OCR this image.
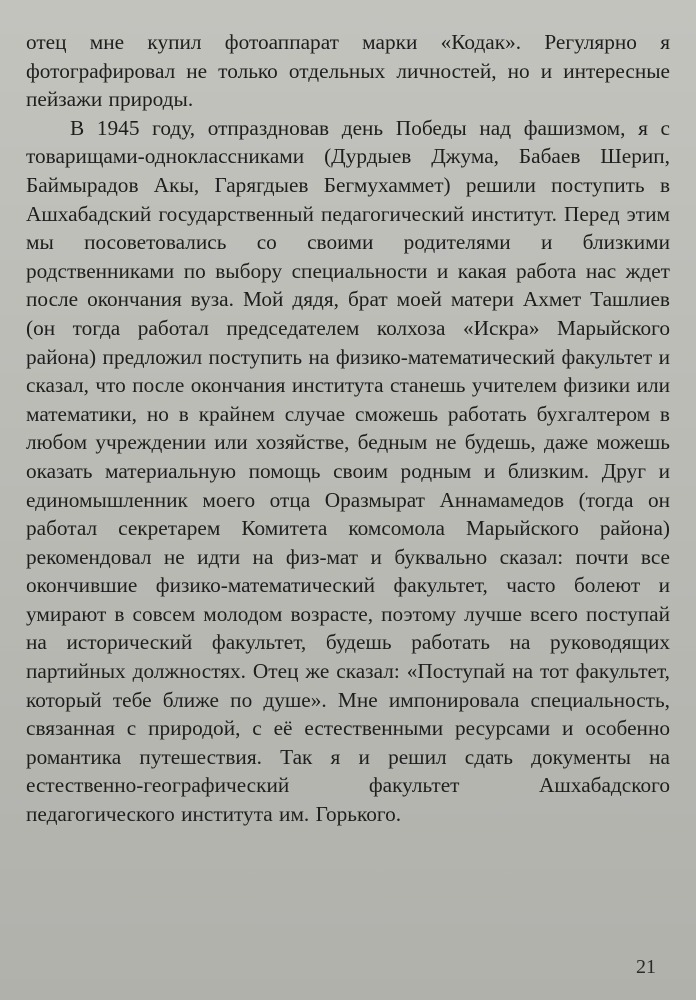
отец мне купил фотоаппарат марки «Кодак». Регулярно я фотографировал не только отдельных личностей, но и интересные пейзажи природы.

В 1945 году, отпраздновав день Победы над фашизмом, я с товарищами-одноклассниками (Дурдыев Джума, Бабаев Шерип, Баймырадов Акы, Гарягдыев Бегмухаммет) решили поступить в Ашхабадский государственный педагогический институт. Перед этим мы посоветовались со своими родителями и близкими родственниками по выбору специальности и какая работа нас ждет после окончания вуза. Мой дядя, брат моей матери Ахмет Ташлиев (он тогда работал председателем колхоза «Искра» Марыйского района) предложил поступить на физико-математический факультет и сказал, что после окончания института станешь учителем физики или математики, но в крайнем случае сможешь работать бухгалтером в любом учреждении или хозяйстве, бедным не будешь, даже можешь оказать материальную помощь своим родным и близким. Друг и единомышленник моего отца Оразмырат Аннамамедов (тогда он работал секретарем Комитета комсомола Марыйского района) рекомендовал не идти на физ-мат и буквально сказал: почти все окончившие физико-математический факультет, часто болеют и умирают в совсем молодом возрасте, поэтому лучше всего поступай на исторический факультет, будешь работать на руководящих партийных должностях. Отец же сказал: «Поступай на тот факультет, который тебе ближе по душе». Мне импонировала специальность, связанная с природой, с её естественными ресурсами и особенно романтика путешествия. Так я и решил сдать документы на естественно-географический факультет Ашхабадского педагогического института им. Горького.

21
